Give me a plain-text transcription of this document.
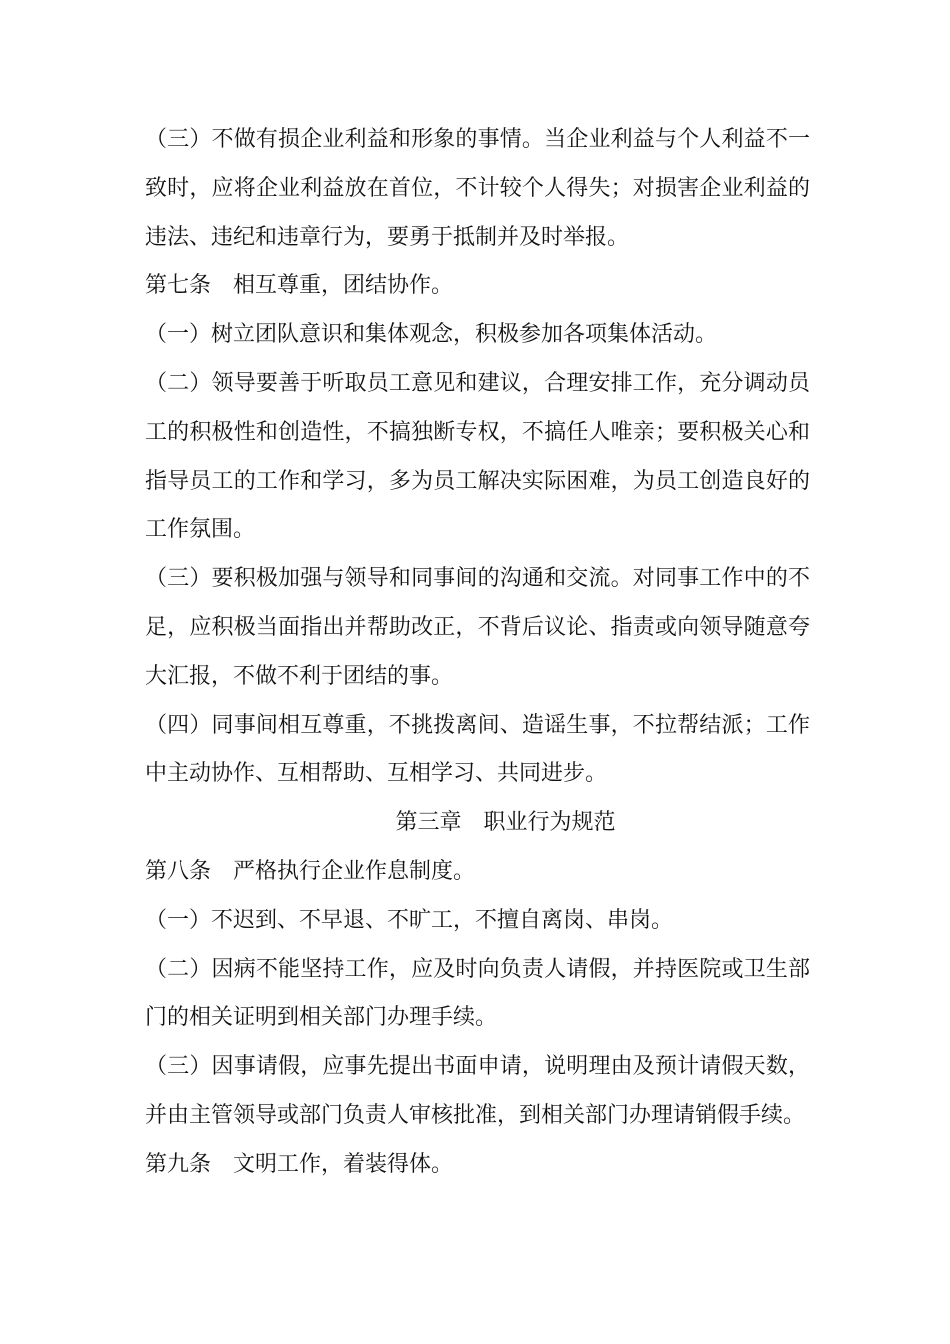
（三）不做有损企业利益和形象的事情。当企业利益与个人利益不一致时，应将企业利益放在首位，不计较个人得失；对损害企业利益的违法、违纪和违章行为，要勇于抵制并及时举报。

第七条　相互尊重，团结协作。

（一）树立团队意识和集体观念，积极参加各项集体活动。

（二）领导要善于听取员工意见和建议，合理安排工作，充分调动员工的积极性和创造性，不搞独断专权，不搞任人唯亲；要积极关心和指导员工的工作和学习，多为员工解决实际困难，为员工创造良好的工作氛围。

（三）要积极加强与领导和同事间的沟通和交流。对同事工作中的不足，应积极当面指出并帮助改正，不背后议论、指责或向领导随意夸大汇报，不做不利于团结的事。

（四）同事间相互尊重，不挑拨离间、造谣生事，不拉帮结派；工作中主动协作、互相帮助、互相学习、共同进步。

第三章　职业行为规范

第八条　严格执行企业作息制度。

（一）不迟到、不早退、不旷工，不擅自离岗、串岗。

（二）因病不能坚持工作，应及时向负责人请假，并持医院或卫生部门的相关证明到相关部门办理手续。

（三）因事请假，应事先提出书面申请，说明理由及预计请假天数，并由主管领导或部门负责人审核批准，到相关部门办理请销假手续。

第九条　文明工作，着装得体。
